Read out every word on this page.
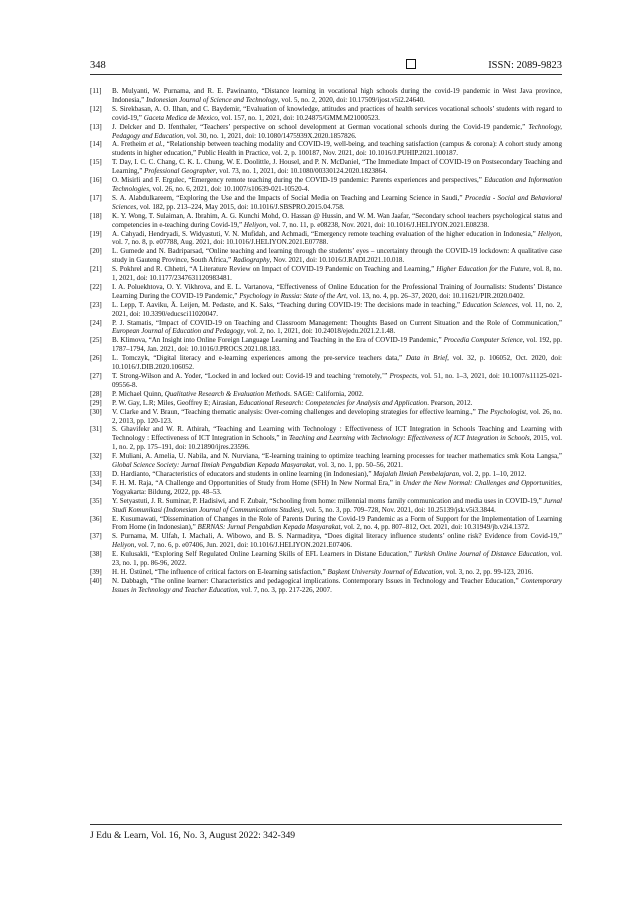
348	ISSN: 2089-9823
[11] B. Mulyanti, W. Purnama, and R. E. Pawinanto, “Distance learning in vocational high schools during the covid-19 pandemic in West Java province, Indonesia,” Indonesian Journal of Science and Technology, vol. 5, no. 2, 2020, doi: 10.17509/ijost.v5i2.24640.
[12] S. Sirekbasan, A. O. Ilhan, and C. Baydemir, “Evaluation of knowledge, attitudes and practices of health services vocational schools’ students with regard to covid-19,” Gaceta Medica de Mexico, vol. 157, no. 1, 2021, doi: 10.24875/GMM.M21000523.
[13] J. Delcker and D. Ifenthaler, “Teachers’ perspective on school development at German vocational schools during the Covid-19 pandemic,” Technology, Pedagogy and Education, vol. 30, no. 1, 2021, doi: 10.1080/1475939X.2020.1857826.
[14] A. Fretheim et al., “Relationship between teaching modality and COVID-19, well-being, and teaching satisfaction (campus & corona): A cohort study among students in higher education,” Public Health in Practice, vol. 2, p. 100187, Nov. 2021, doi: 10.1016/J.PUHIP.2021.100187.
[15] T. Day, I. C. C. Chang, C. K. L. Chung, W. E. Doolittle, J. Housel, and P. N. McDaniel, “The Immediate Impact of COVID-19 on Postsecondary Teaching and Learning,” Professional Geographer, vol. 73, no. 1, 2021, doi: 10.1080/00330124.2020.1823864.
[16] O. Misirli and F. Ergulec, “Emergency remote teaching during the COVID-19 pandemic: Parents experiences and perspectives,” Education and Information Technologies, vol. 26, no. 6, 2021, doi: 10.1007/s10639-021-10520-4.
[17] S. A. Alabdulkareem, “Exploring the Use and the Impacts of Social Media on Teaching and Learning Science in Saudi,” Procedia - Social and Behavioral Sciences, vol. 182, pp. 213–224, May 2015, doi: 10.1016/J.SBSPRO.2015.04.758.
[18] K. Y. Wong, T. Sulaiman, A. Ibrahim, A. G. Kunchi Mohd, O. Hassan @ Hussin, and W. M. Wan Jaafar, “Secondary school teachers psychological status and competencies in e-teaching during Covid-19,” Heliyon, vol. 7, no. 11, p. e08238, Nov. 2021, doi: 10.1016/J.HELIYON.2021.E08238.
[19] A. Cahyadi, Hendryadi, S. Widyastuti, V. N. Mufidah, and Achmadi, “Emergency remote teaching evaluation of the higher education in Indonesia,” Heliyon, vol. 7, no. 8, p. e07788, Aug. 2021, doi: 10.1016/J.HELIYON.2021.E07788.
[20] L. Gumede and N. Badriparsad, “Online teaching and learning through the students’ eyes – uncertainty through the COVID-19 lockdown: A qualitative case study in Gauteng Province, South Africa,” Radiography, Nov. 2021, doi: 10.1016/J.RADI.2021.10.018.
[21] S. Pokhrel and R. Chhetri, “A Literature Review on Impact of COVID-19 Pandemic on Teaching and Learning,” Higher Education for the Future, vol. 8, no. 1, 2021, doi: 10.1177/2347631120983481.
[22] I. A. Poluekhtova, O. Y. Vikhrova, and E. L. Vartanova, “Effectiveness of Online Education for the Professional Training of Journalists: Students’ Distance Learning During the COVID-19 Pandemic,” Psychology in Russia: State of the Art, vol. 13, no. 4, pp. 26–37, 2020, doi: 10.11621/PIR.2020.0402.
[23] L. Lepp, T. Aaviku, Ä. Leijen, M. Pedaste, and K. Saks, “Teaching during COVID-19: The decisions made in teaching,” Education Sciences, vol. 11, no. 2, 2021, doi: 10.3390/educsci11020047.
[24] P. J. Stamatis, “Impact of COVID-19 on Teaching and Classroom Management: Thoughts Based on Current Situation and the Role of Communication,” European Journal of Education and Pedagogy, vol. 2, no. 1, 2021, doi: 10.24018/ejedu.2021.2.1.48.
[25] B. Klimova, “An Insight into Online Foreign Language Learning and Teaching in the Era of COVID-19 Pandemic,” Procedia Computer Science, vol. 192, pp. 1787–1794, Jan. 2021, doi: 10.1016/J.PROCS.2021.08.183.
[26] L. Tomczyk, “Digital literacy and e-learning experiences among the pre-service teachers data,” Data in Brief, vol. 32, p. 106052, Oct. 2020, doi: 10.1016/J.DIB.2020.106052.
[27] T. Strong-Wilson and A. Yoder, “Locked in and locked out: Covid-19 and teaching ‘remotely,’” Prospects, vol. 51, no. 1–3, 2021, doi: 10.1007/s11125-021-09556-8.
[28] P. Michael Quinn, Qualitative Research & Evaluation Methods. SAGE: California, 2002.
[29] P. W. Gay, L.R; Miles, Geoffrey E; Airasian, Educational Research: Competencies for Analysis and Application. Pearson, 2012.
[30] V. Clarke and V. Braun, “Teaching thematic analysis: Over-coming challenges and developing strategies for effective learning.,” The Psychologist, vol. 26, no. 2, 2013, pp. 120-123.
[31] S. Ghavifekr and W. R. Athirah, “Teaching and Learning with Technology : Effectiveness of ICT Integration in Schools Teaching and Learning with Technology : Effectiveness of ICT Integration in Schools,” in Teaching and Learning with Technology: Effectiveness of ICT Integration in Schools, 2015, vol. 1, no. 2, pp. 175–191, doi: 10.21890/ijres.23596.
[32] F. Muliani, A. Amelia, U. Nabila, and N. Nurviana, “E-learning training to optimize teaching learning processes for teacher mathematics smk Kota Langsa,” Global Science Society: Jurnal Ilmiah Pengabdian Kepada Masyarakat, vol. 3, no. 1, pp. 50–56, 2021.
[33] D. Hardianto, “Characteristics of educators and students in online learning (in Indonesian),” Majalah Ilmiah Pembelajaran, vol. 2, pp. 1–10, 2012.
[34] F. H. M. Raja, “A Challenge and Opportunities of Study from Home (SFH) In New Normal Era,” in Under the New Normal: Challenges and Opportunities, Yogyakarta: Bildung, 2022, pp. 48–53.
[35] Y. Setyastuti, J. R. Suminar, P. Hadisiwi, and F. Zubair, “Schooling from home: millennial moms family communication and media uses in COVID-19,” Jurnal Studi Komunikasi (Indonesian Journal of Communications Studies), vol. 5, no. 3, pp. 709–728, Nov. 2021, doi: 10.25139/jsk.v5i3.3844.
[36] E. Kusumawati, “Dissemination of Changes in the Role of Parents During the Covid-19 Pandemic as a Form of Support for the Implementation of Learning From Home (in Indonesian),” BERNAS: Jurnal Pengabdian Kepada Masyarakat, vol. 2, no. 4, pp. 807–812, Oct. 2021, doi: 10.31949/jb.v2i4.1372.
[37] S. Purnama, M. Ulfah, I. Machali, A. Wibowo, and B. S. Narmaditya, “Does digital literacy influence students’ online risk? Evidence from Covid-19,” Heliyon, vol. 7, no. 6, p. e07406, Jun. 2021, doi: 10.1016/J.HELIYON.2021.E07406.
[38] E. Kulusakli, “Exploring Self Regulated Online Learning Skills of EFL Learners in Distane Education,” Turkish Online Journal of Distance Education, vol. 23, no. 1, pp. 86-96, 2022.
[39] H. H. Üstünel, “The influence of critical factors on E-learning satisfaction,” Başkent University Journal of Education, vol. 3, no. 2, pp. 99-123, 2016.
[40] N. Dabbagh, “The online learner: Characteristics and pedagogical implications. Contemporary Issues in Technology and Teacher Education,” Contemporary Issues in Technology and Teacher Education, vol. 7, no. 3, pp. 217-226, 2007.
J Edu & Learn, Vol. 16, No. 3, August 2022: 342-349
